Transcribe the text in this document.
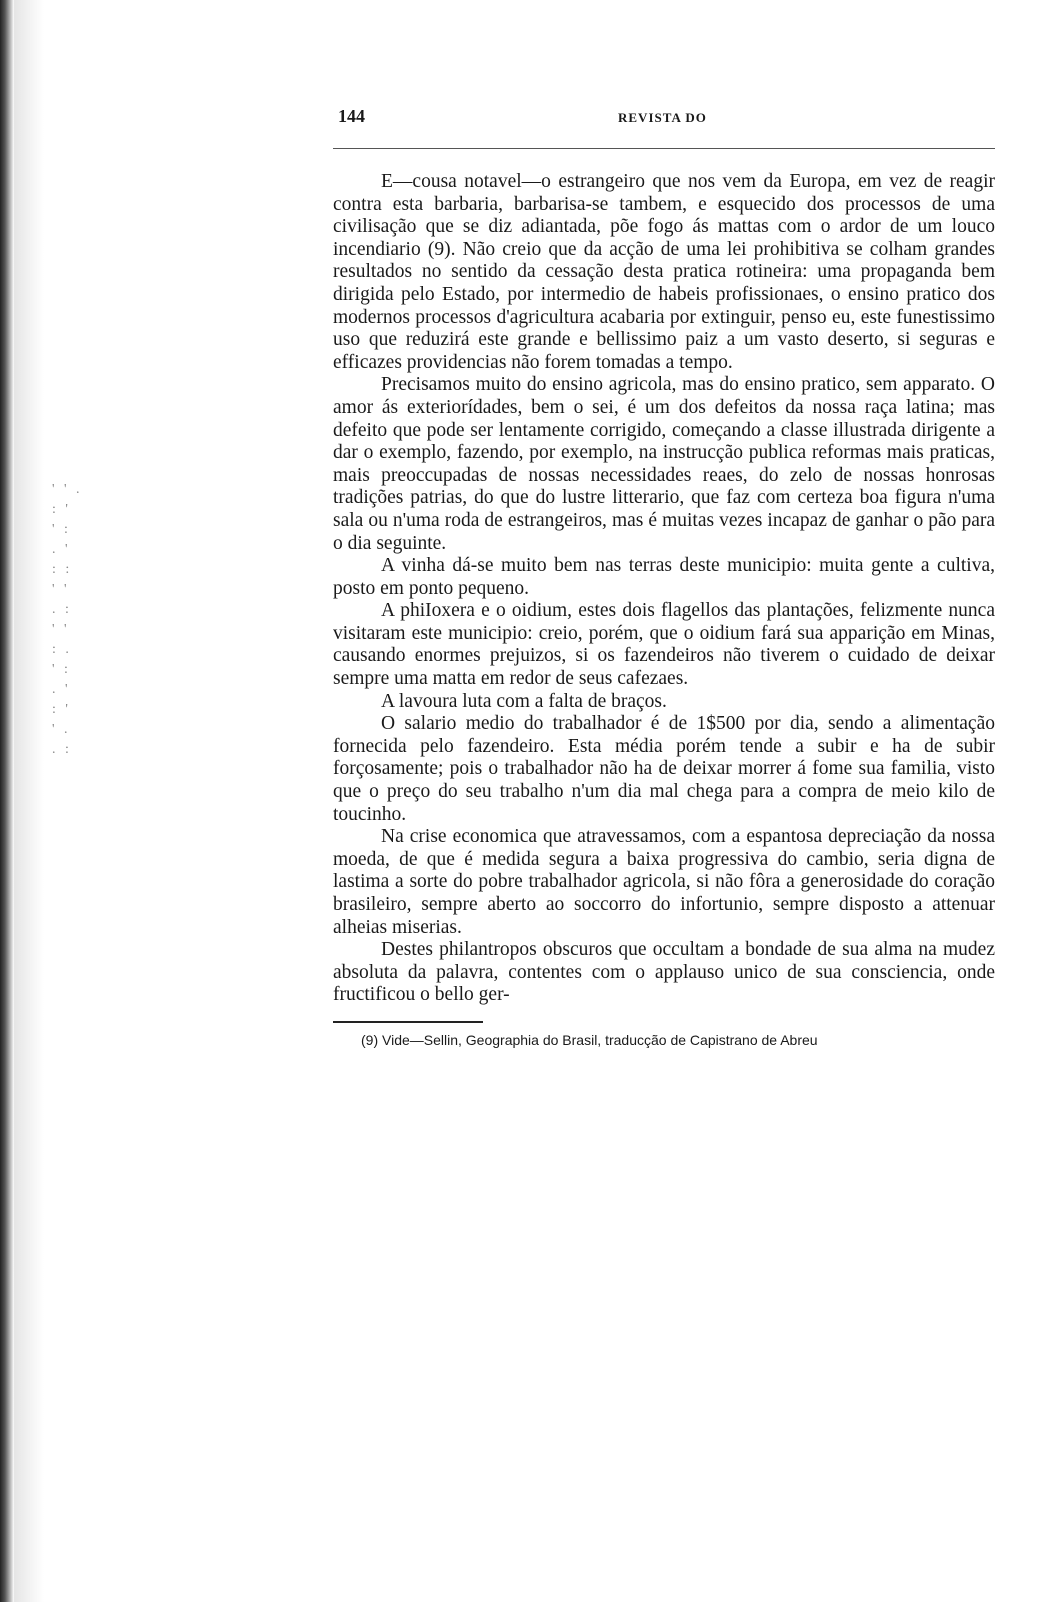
' ' .
: '
' :
. '
: :
' '
. :
' '
: .
' :
. '
: '
' .
. :
144	REVISTA DO

E—cousa notavel—o estrangeiro que nos vem da Europa, em vez de reagir contra esta barbaria, barbarisa-se tambem, e esquecido dos processos de uma civilisação que se diz adiantada, põe fogo ás mattas com o ardor de um louco incendiario (9). Não creio que da acção de uma lei prohibitiva se colham grandes resultados no sentido da cessação desta pratica rotineira: uma propaganda bem dirigida pelo Estado, por intermedio de habeis profissionaes, o ensino pratico dos modernos processos d'agricultura acabaria por extinguir, penso eu, este funestissimo uso que reduzirá este grande e bellissimo paiz a um vasto deserto, si seguras e efficazes providencias não forem tomadas a tempo.

Precisamos muito do ensino agricola, mas do ensino pratico, sem apparato. O amor ás exteriorídades, bem o sei, é um dos defeitos da nossa raça latina; mas defeito que pode ser lentamente corrigido, começando a classe illustrada dirigente a dar o exemplo, fazendo, por exemplo, na instrucção publica reformas mais praticas, mais preoccupadas de nossas necessidades reaes, do zelo de nossas honrosas tradições patrias, do que do lustre litterario, que faz com certeza boa figura n'uma sala ou n'uma roda de estrangeiros, mas é muitas vezes incapaz de ganhar o pão para o dia seguinte.

A vinha dá-se muito bem nas terras deste municipio: muita gente a cultiva, posto em ponto pequeno.

A phiIoxera e o oidium, estes dois flagellos das plantações, felizmente nunca visitaram este municipio: creio, porém, que o oidium fará sua apparição em Minas, causando enormes prejuizos, si os fazendeiros não tiverem o cuidado de deixar sempre uma matta em redor de seus cafezaes.

A lavoura luta com a falta de braços.

O salario medio do trabalhador é de 1$500 por dia, sendo a alimentação fornecida pelo fazendeiro. Esta média porém tende a subir e ha de subir forçosamente; pois o trabalhador não ha de deixar morrer á fome sua familia, visto que o preço do seu trabalho n'um dia mal chega para a compra de meio kilo de toucinho.

Na crise economica que atravessamos, com a espantosa depreciação da nossa moeda, de que é medida segura a baixa progressiva do cambio, seria digna de lastima a sorte do pobre trabalhador agricola, si não fôra a generosidade do coração brasileiro, sempre aberto ao soccorro do infortunio, sempre disposto a attenuar alheias miserias.

Destes philantropos obscuros que occultam a bondade de sua alma na mudez absoluta da palavra, contentes com o applauso unico de sua consciencia, onde fructificou o bello ger-

(9) Vide—Sellin, Geographia do Brasil, traducção de Capistrano de Abreu
